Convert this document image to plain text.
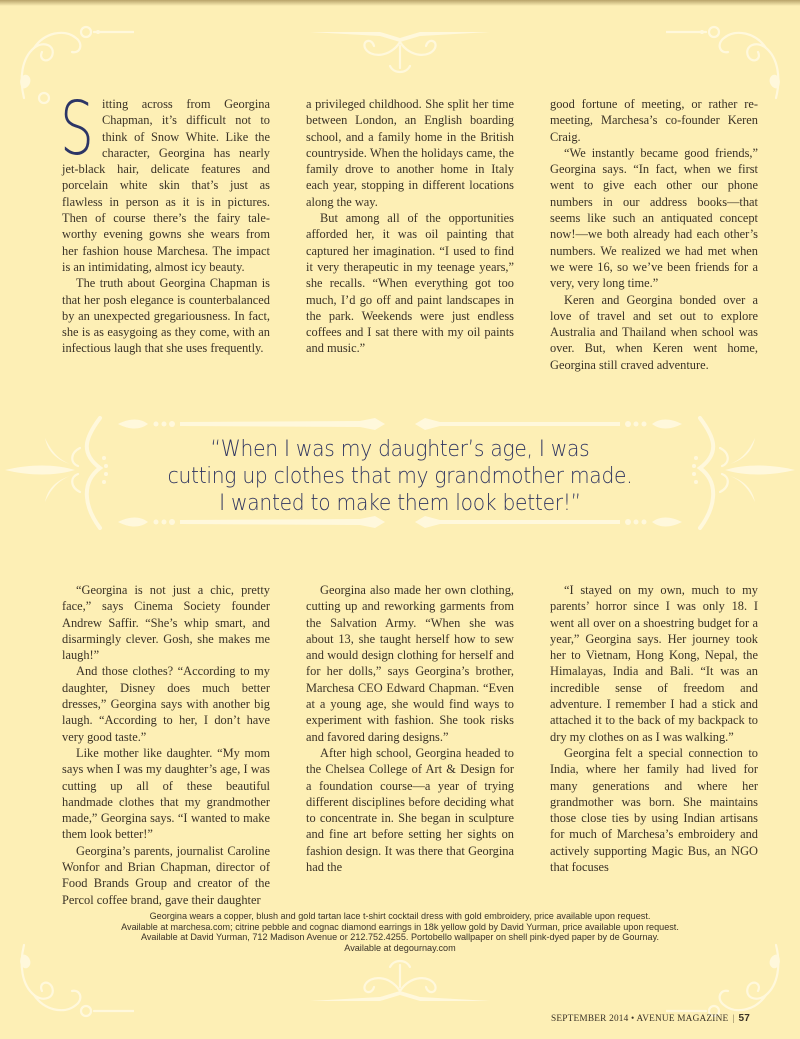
S itting across from Georgina Chapman, it’s difficult not to think of Snow White. Like the character, Georgina has nearly jet-black hair, delicate features and porcelain white skin that’s just as flawless in person as it is in pictures. Then of course there’s the fairy tale-worthy evening gowns she wears from her fashion house Marchesa. The impact is an intimidating, almost icy beauty.

The truth about Georgina Chapman is that her posh elegance is counterbalanced by an unexpected gregariousness. In fact, she is as easygoing as they come, with an infectious laugh that she uses frequently.

a privileged childhood. She split her time between London, an English boarding school, and a family home in the British countryside. When the holidays came, the family drove to another home in Italy each year, stopping in different locations along the way.

But among all of the opportunities afforded her, it was oil painting that captured her imagination. “I used to find it very therapeutic in my teenage years,” she recalls. “When everything got too much, I’d go off and paint landscapes in the park. Weekends were just endless coffees and I sat there with my oil paints and music.”

good fortune of meeting, or rather re-meeting, Marchesa’s co-founder Keren Craig.

“We instantly became good friends,” Georgina says. “In fact, when we first went to give each other our phone numbers in our address books—that seems like such an antiquated concept now!—we both already had each other’s numbers. We realized we had met when we were 16, so we’ve been friends for a very, very long time.”

Keren and Georgina bonded over a love of travel and set out to explore Australia and Thailand when school was over. But, when Keren went home, Georgina still craved adventure.

“When I was my daughter’s age, I was
cutting up clothes that my grandmother made.
I wanted to make them look better!”

“Georgina is not just a chic, pretty face,” says Cinema Society founder Andrew Saffir. “She’s whip smart, and disarmingly clever. Gosh, she makes me laugh!”

And those clothes? “According to my daughter, Disney does much better dresses,” Georgina says with another big laugh. “According to her, I don’t have very good taste.”

Like mother like daughter. “My mom says when I was my daughter’s age, I was cutting up all of these beautiful handmade clothes that my grandmother made,” Georgina says. “I wanted to make them look better!”

Georgina’s parents, journalist Caroline Wonfor and Brian Chapman, director of Food Brands Group and creator of the Percol coffee brand, gave their daughter

Georgina also made her own clothing, cutting up and reworking garments from the Salvation Army. “When she was about 13, she taught herself how to sew and would design clothing for herself and for her dolls,” says Georgina’s brother, Marchesa CEO Edward Chapman. “Even at a young age, she would find ways to experiment with fashion. She took risks and favored daring designs.”

After high school, Georgina headed to the Chelsea College of Art & Design for a foundation course—a year of trying different disciplines before deciding what to concentrate in. She began in sculpture and fine art before setting her sights on fashion design. It was there that Georgina had the

“I stayed on my own, much to my parents’ horror since I was only 18. I went all over on a shoestring budget for a year,” Georgina says. Her journey took her to Vietnam, Hong Kong, Nepal, the Himalayas, India and Bali. “It was an incredible sense of freedom and adventure. I remember I had a stick and attached it to the back of my backpack to dry my clothes on as I was walking.”

Georgina felt a special connection to India, where her family had lived for many generations and where her grandmother was born. She maintains those close ties by using Indian artisans for much of Marchesa’s embroidery and actively supporting Magic Bus, an NGO that focuses

Georgina wears a copper, blush and gold tartan lace t-shirt cocktail dress with gold embroidery, price available upon request.
Available at marchesa.com; citrine pebble and cognac diamond earrings in 18k yellow gold by David Yurman, price available upon request.
Available at David Yurman, 712 Madison Avenue or 212.752.4255. Portobello wallpaper on shell pink-dyed paper by de Gournay.
Available at degournay.com
SEPTEMBER 2014 • AVENUE MAGAZINE | 57
